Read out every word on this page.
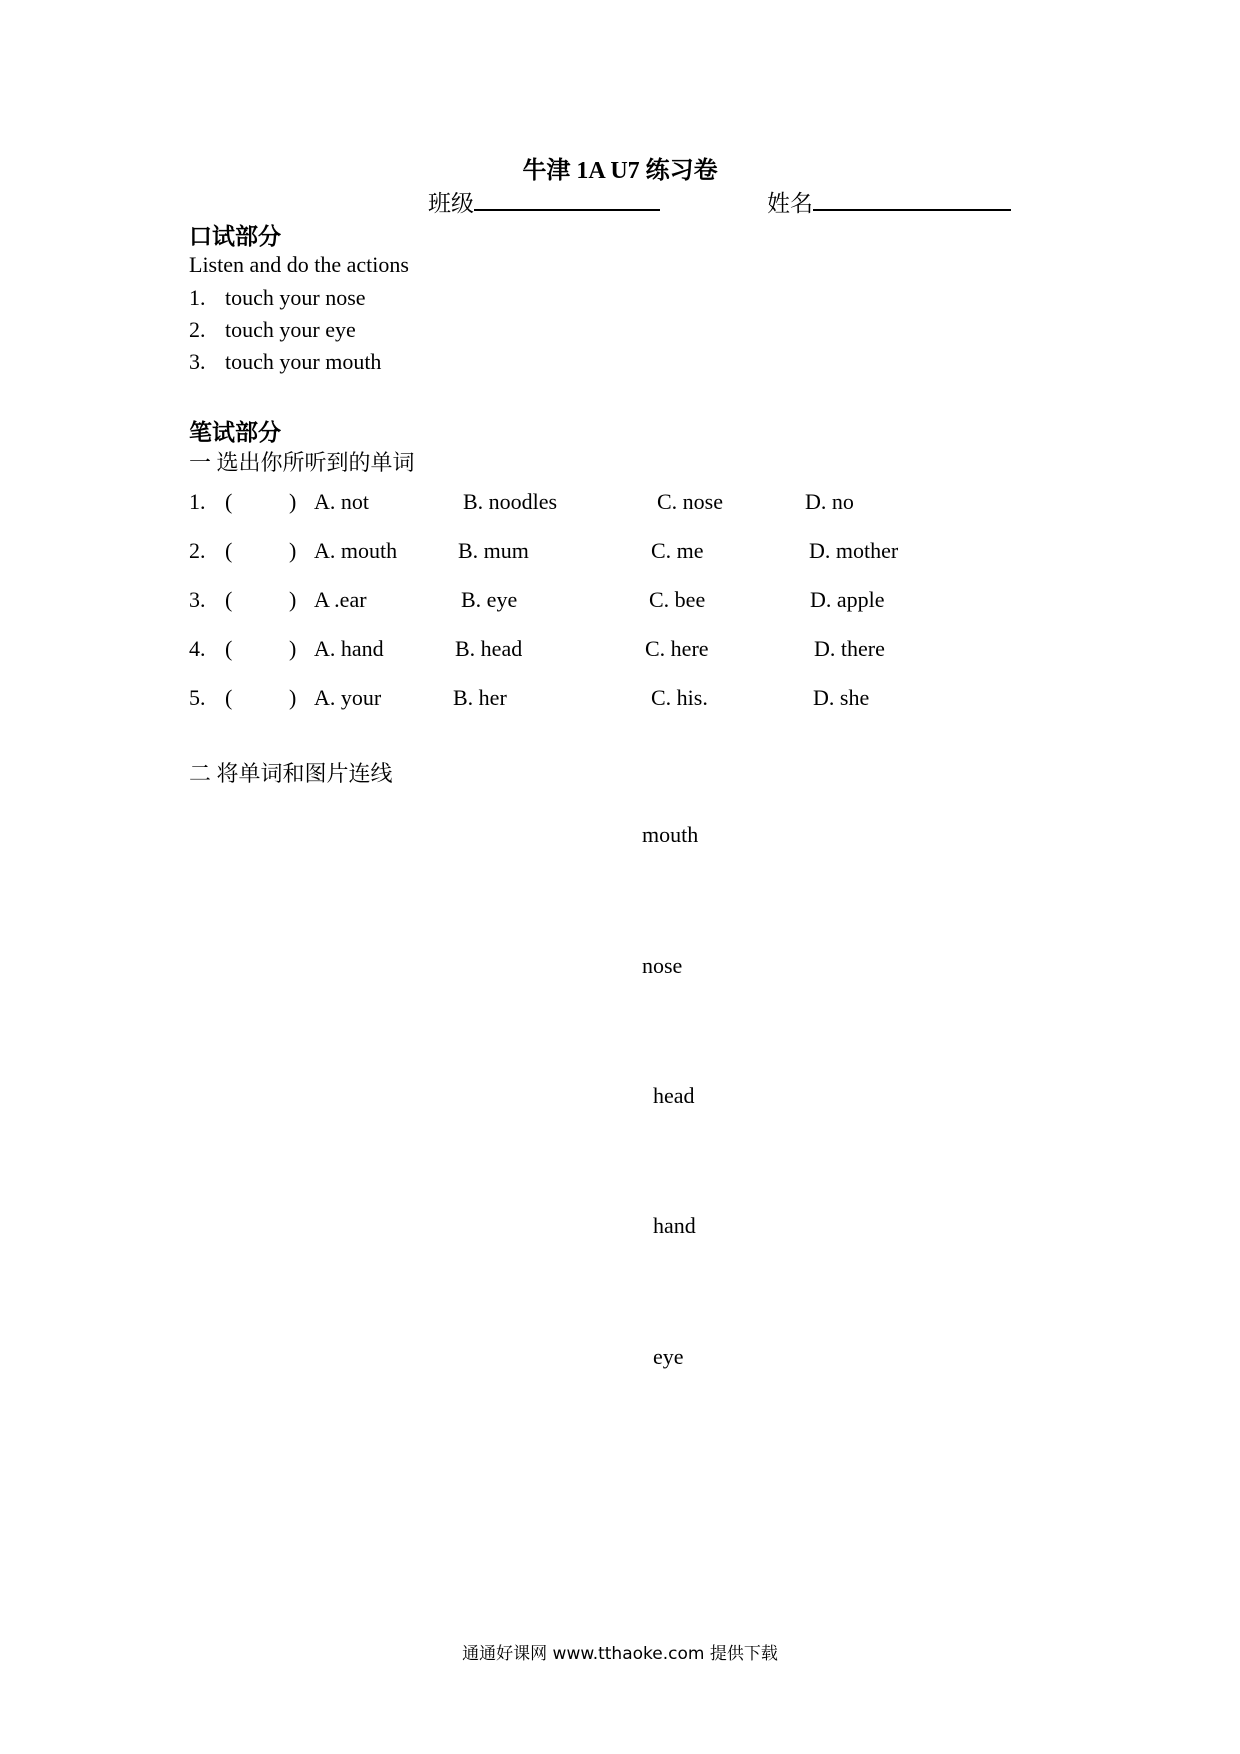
牛津 1A U7 练习卷
班级	姓名
口试部分
Listen and do the actions
1. touch your nose
2. touch your eye
3. touch your mouth
笔试部分
一 选出你所听到的单词
1. (	) A. not	B. noodles	C. nose	D. no
2. (	) A. mouth	B. mum	C. me	D. mother
3. (	) A .ear	B. eye	C. bee	D. apple
4. (	) A. hand	B. head	C. here	D. there
5. (	) A. your	B. her	C. his.	D. she
二 将单词和图片连线
mouth
nose
head
hand
eye
通通好课网 www.tthaoke.com 提供下载
